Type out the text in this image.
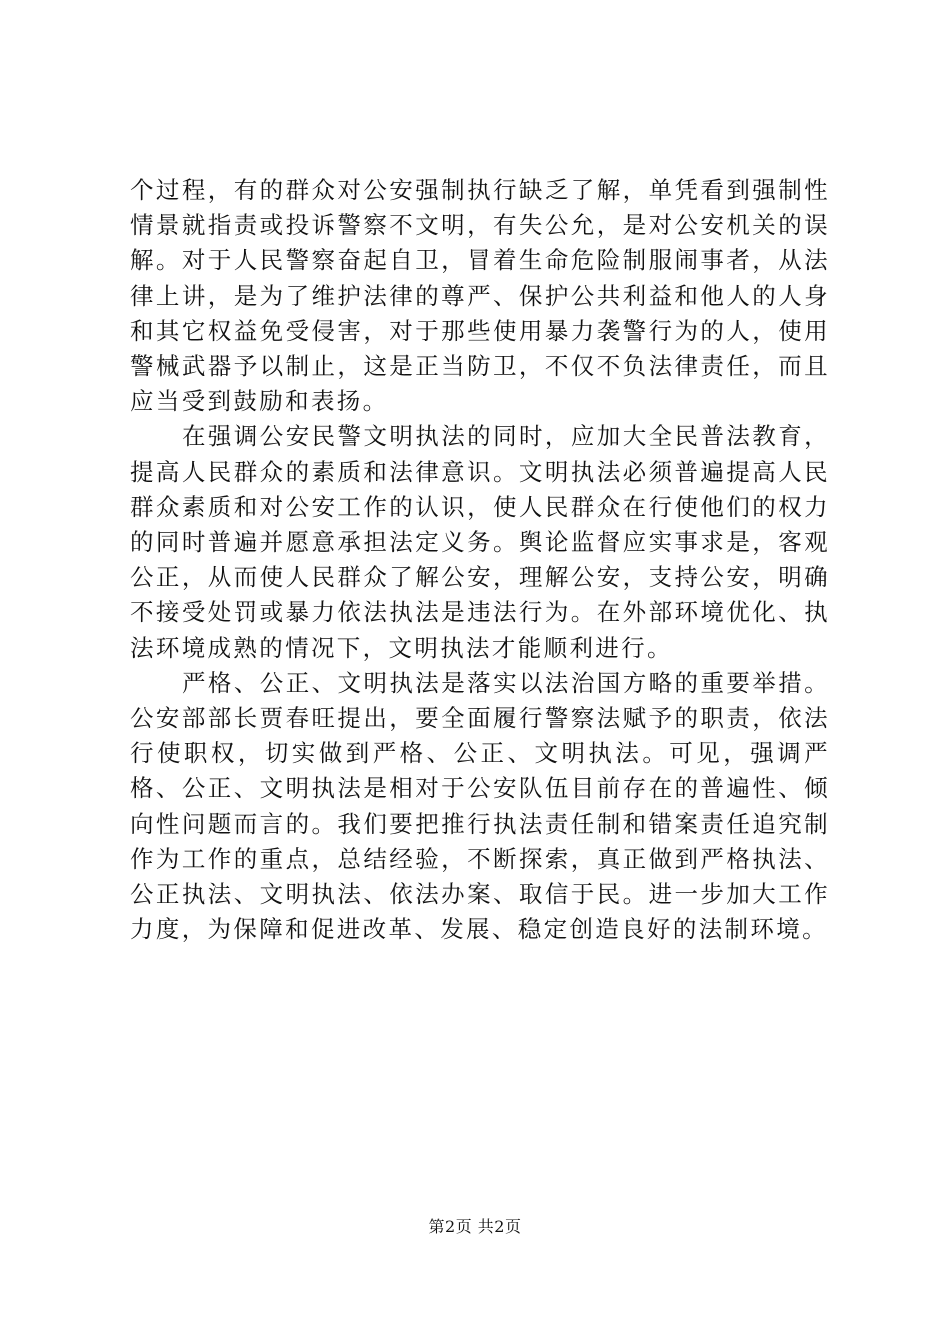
个过程，有的群众对公安强制执行缺乏了解，单凭看到强制性情景就指责或投诉警察不文明，有失公允，是对公安机关的误解。对于人民警察奋起自卫，冒着生命危险制服闹事者，从法律上讲，是为了维护法律的尊严、保护公共利益和他人的人身和其它权益免受侵害，对于那些使用暴力袭警行为的人，使用警械武器予以制止，这是正当防卫，不仅不负法律责任，而且应当受到鼓励和表扬。

在强调公安民警文明执法的同时，应加大全民普法教育，提高人民群众的素质和法律意识。文明执法必须普遍提高人民群众素质和对公安工作的认识，使人民群众在行使他们的权力的同时普遍并愿意承担法定义务。舆论监督应实事求是，客观公正，从而使人民群众了解公安，理解公安，支持公安，明确不接受处罚或暴力依法执法是违法行为。在外部环境优化、执法环境成熟的情况下，文明执法才能顺利进行。

严格、公正、文明执法是落实以法治国方略的重要举措。公安部部长贾春旺提出，要全面履行警察法赋予的职责，依法行使职权，切实做到严格、公正、文明执法。可见，强调严格、公正、文明执法是相对于公安队伍目前存在的普遍性、倾向性问题而言的。我们要把推行执法责任制和错案责任追究制作为工作的重点，总结经验，不断探索，真正做到严格执法、公正执法、文明执法、依法办案、取信于民。进一步加大工作力度，为保障和促进改革、发展、稳定创造良好的法制环境。

第2页 共2页
